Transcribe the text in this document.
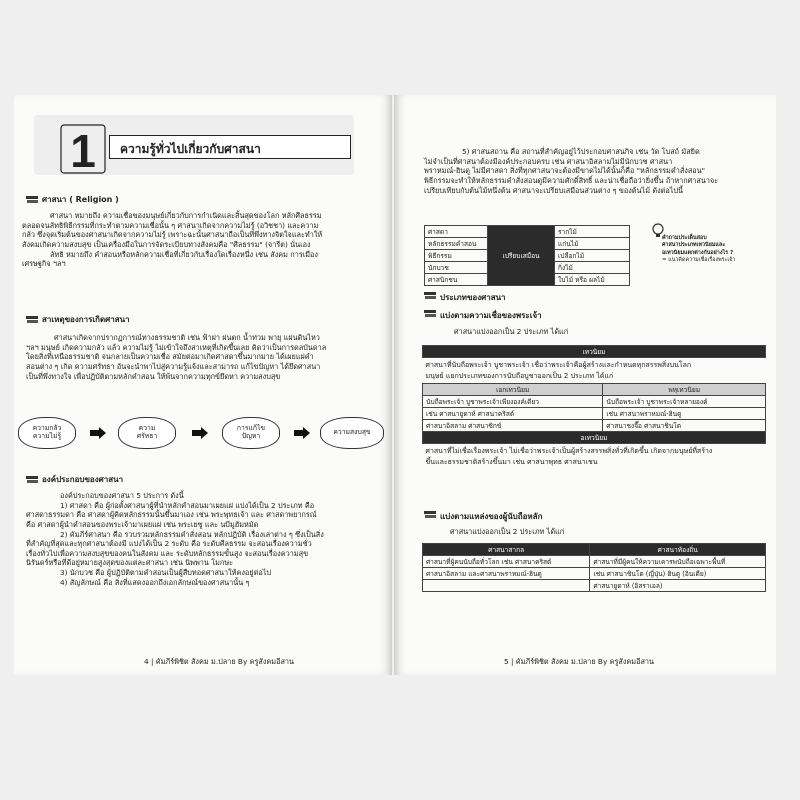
1 ความรู้ทั่วไปเกี่ยวกับศาสนา
ศาสนา ( Religion )
ศาสนา หมายถึง ความเชื่อของมนุษย์เกี่ยวกับการกำเนิดและสิ้นสุดของโลก หลักศีลธรรม
ตลอดจนลัทธิพิธีกรรมที่กระทำตามความเชื่อนั้น ๆ ศาสนาเกิดจากความไม่รู้ (อวิชชา) และความ
กลัว ซึ่งจุดเริ่มต้นของศาสนาเกิดจากความไม่รู้ เพราะฉะนั้นศาสนาถือเป็นที่พึ่งทางจิตใจและทำให้
สังคมเกิดความสงบสุข เป็นเครื่องมือในการจัดระเบียบทางสังคมคือ "ศีลธรรม" (จารีต) นั่นเอง
ลัทธิ หมายถึง คำสอนหรือหลักความเชื่อที่เกี่ยวกับเรื่องใดเรื่องหนึ่ง เช่น สังคม การเมือง
เศรษฐกิจ ฯลฯ
สาเหตุของการเกิดศาสนา
ศาสนาเกิดจากปรากฏการณ์ทางธรรมชาติ เช่น ฟ้าผ่า ฝนตก น้ำท่วม พายุ แผ่นดินไหว
ฯลฯ มนุษย์ เกิดความกลัว แล้ว ความไม่รู้ ไม่เข้าใจถึงสาเหตุที่เกิดขึ้นเลย คิดว่าเป็นการดลบันดาล
โดยสิ่งที่เหนือธรรมชาติ จนกลายเป็นความเชื่อ สมัยต่อมาเกิดศาสดาขึ้นมากมาย ได้เผยแผ่คำ
สอนต่าง ๆ เกิด ความศรัทธา อันจะนำพาไปสู่ความรู้แจ้งและสามารถ แก้ไขปัญหา ได้ยึดศาสนา
เป็นที่พึ่งทางใจ เพื่อปฏิบัติตามหลักคำสอน ให้พ้นจากความทุกข์ยึดหา ความสงบสุข
ความกลัว
ความไม่รู้
ความ
ศรัทธา
การแก้ไข
ปัญหา
ความสงบสุข
องค์ประกอบของศาสนา
องค์ประกอบของศาสนา 5 ประการ ดังนี้
1) ศาสดา คือ ผู้ก่อตั้งศาสนาผู้ที่นำหลักคำสอนมาเผยแผ่ แบ่งได้เป็น 2 ประเภท คือ
ศาสดาธรรมดา คือ ศาสดาผู้คิดหลักธรรมนั้นขึ้นมาเอง เช่น พระพุทธเจ้า และ ศาสดาพยากรณ์
คือ ศาสดาผู้นำคำสอนของพระเจ้ามาเผยแผ่ เช่น พระเยซู และ นบีมูฮัมหมัด
2) คัมภีร์ศาสนา คือ รวบรวมหลักธรรมคำสั่งสอน หลักปฏิบัติ เรื่องเล่าต่าง ๆ ซึ่งเป็นสิ่ง
ที่สำคัญที่สุดและทุกศาสนาต้องมี แบ่งได้เป็น 2 ระดับ คือ ระดับศีลธรรม จะสอนเรื่องความชั่ว
เรื่องทั่วไปเพื่อความสงบสุขของคนในสังคม และ ระดับหลักธรรมขั้นสูง จะสอนเรื่องความสุข
นิรันดร์หรือที่ดีอยู่หมายสูงสุดของแต่ละศาสนา เช่น นิพพาน โมกษะ
3) นักบวช คือ ผู้ปฏิบัติตามคำสอนเป็นผู้สืบทอดศาสนาให้คงอยู่ต่อไป
4) สัญลักษณ์ คือ สิ่งที่แสดงออกถึงเอกลักษณ์ของศาสนานั้น ๆ
4 | คัมภีร์พิชิต สังคม ม.ปลาย By ครูสังคมอีสาน
5) ศาสนสถาน คือ สถานที่สำคัญอยู่ไว้ประกอบศาสนกิจ เช่น วัด โบสถ์ มัสยิด
ไม่จำเป็นที่ศาสนาต้องมีองค์ประกอบครบ เช่น ศาสนาอิสลามไม่มีนักบวช ศาสนา
พราหมณ์-ฮินดู ไม่มีศาสดา สิ่งที่ทุกศาสนาจะต้องมีขาดไม่ได้นั้นก็คือ "หลักธรรมคำสั่งสอน"
พิธีกรรมจะทำให้หลักธรรมคำสั่งสอนดูมีความศักดิ์สิทธิ์ และน่าเชื่อถือว่ายิ่งขึ้น ถ้าหากศาสนาจะ
เปรียบเทียบกับต้นไม้หนึ่งต้น ศาสนาจะเปรียบเสมือนส่วนต่าง ๆ ของต้นไม้ ดังต่อไปนี้
ศาสดา	เปรียบเสมือน	รากไม้
หลักธรรมคำสอน		แก่นไม้
พิธีกรรม		เปลือกไม้
นักบวช		กิ่งไม้
ศาสนิกชน		ใบไม้ หรือ ผลไม้
คำถามประเด็นสอบ
ศาสนาประเภทเทวนิยมและ
อเทวนิยมแตกต่างกันอย่างไร ?
= แนวคิดความเชื่อเรื่องพระเจ้า
ประเภทของศาสนา
แบ่งตามความเชื่อของพระเจ้า
ศาสนาแบ่งออกเป็น 2 ประเภท ได้แก่
เทวนิยม	

ศาสนาที่นับถือพระเจ้า บูชาพระเจ้า เชื่อว่าพระเจ้าคือผู้สร้างและกำหนดทุกสรรพสิ่งบนโลก
มนุษย์ แยกประเภทของการนับถือบูชาออกเป็น 2 ประเภท ได้แก่	

เอกเทวนิยม	พหุเทวนิยม
นับถือพระเจ้า บูชาพระเจ้าเพียงองค์เดียว	นับถือพระเจ้า บูชาพระเจ้าหลายองค์
เช่น ศาสนายูดาห์ ศาสนาคริสต์	เช่น ศาสนาพราหมณ์-ฮินดู
ศาสนาอิสลาม ศาสนาซิกข์	ศาสนาชงจื๊อ ศาสนาชินโต
อเทวนิยม	

ศาสนาที่ไม่เชื่อเรื่องพระเจ้า ไม่เชื่อว่าพระเจ้าเป็นผู้สร้างสรรพสิ่งทั่วที่เกิดขึ้น เกิดจากมนุษย์ที่สร้าง
ขึ้นและธรรมชาติสร้างขึ้นมา เช่น ศาสนาพุทธ ศาสนาเชน	
แบ่งตามแหล่งของผู้นับถือหลัก
ศาสนาแบ่งออกเป็น 2 ประเภท ได้แก่
ศาสนาสากล	ศาสนาท้องถิ่น
ศาสนาที่ผู้คนนับถือทั่วโลก เช่น ศาสนาคริสต์	ศาสนาที่มีผู้คนให้ความเคารพนับถือเฉพาะพื้นที่
ศาสนาอิสลาม และศาสนาพราหมณ์-ฮินดู	เช่น ศาสนาชินโต (ญี่ปุ่น) ฮินดู (อินเดีย)
	ศาสนายูดาห์ (อิสราเอล)
5 | คัมภีร์พิชิต สังคม ม.ปลาย By ครูสังคมอีสาน
